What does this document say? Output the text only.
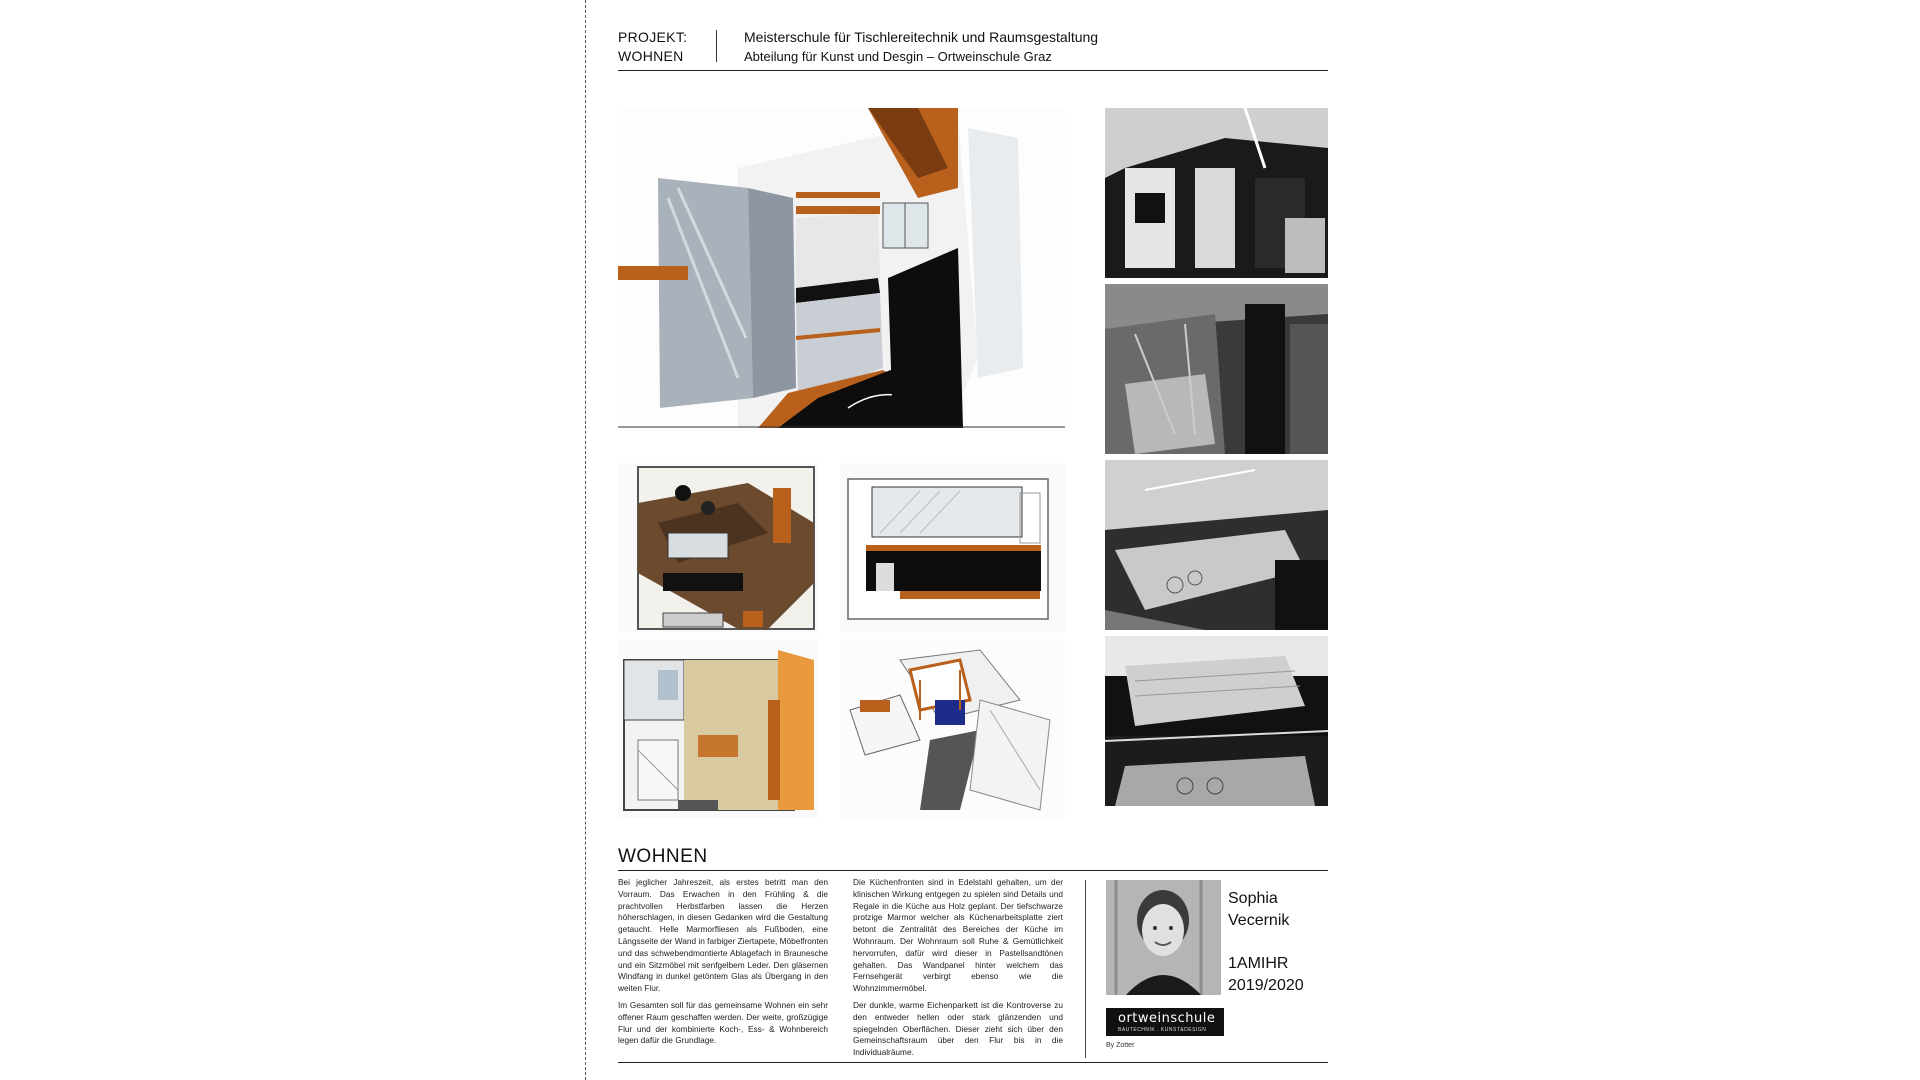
PROJEKT:
WOHNEN
Meisterschule für Tischlereitechnik und Raumsgestaltung
Abteilung für Kunst und Desgin – Ortweinschule Graz
WOHNEN

Bei jeglicher Jahreszeit, als erstes betritt man den Vorraum. Das Erwachen in den Frühling & die prachtvollen Herbstfarben lassen die Herzen höherschlagen, in diesen Gedanken wird die Gestaltung getaucht. Helle Marmorfliesen als Fußboden, eine Längsseite der Wand in farbiger Ziertapete, Möbelfronten und das schwebendmontierte Ablagefach in Braunesche und ein Sitzmöbel mit senfgelbem Leder. Den gläsernen Windfang in dunkel getöntem Glas als Übergang in den weiten Flur.

Im Gesamten soll für das gemeinsame Wohnen ein sehr offener Raum geschaffen werden. Der weite, großzügige Flur und der kombinierte Koch-, Ess- & Wohnbereich legen dafür die Grundlage.

Die Küchenfronten sind in Edelstahl gehalten, um der klinischen Wirkung entgegen zu spielen sind Details und Regale in die Küche aus Holz geplant. Der tiefschwarze protzige Marmor welcher als Küchenarbeitsplatte ziert betont die Zentralität des Bereiches der Küche im Wohnraum. Der Wohnraum soll Ruhe & Gemütlichkeit hervorrufen, dafür wird dieser in Pastellsandtönen gehalten. Das Wandpanel hinter welchem das Fernsehgerät verbirgt ebenso wie die Wohnzimmermöbel.

Der dunkle, warme Eichenparkett ist die Kontroverse zu den entweder hellen oder stark glänzenden und spiegelnden Oberflächen. Dieser zieht sich über den Gemeinschaftsraum über den Flur bis in die Individualräume.

Sophia
Vecernik
1AMIHR
2019/2020
ortweinschule
BAUTECHNIK . KUNST&DESIGN
By Zotter
